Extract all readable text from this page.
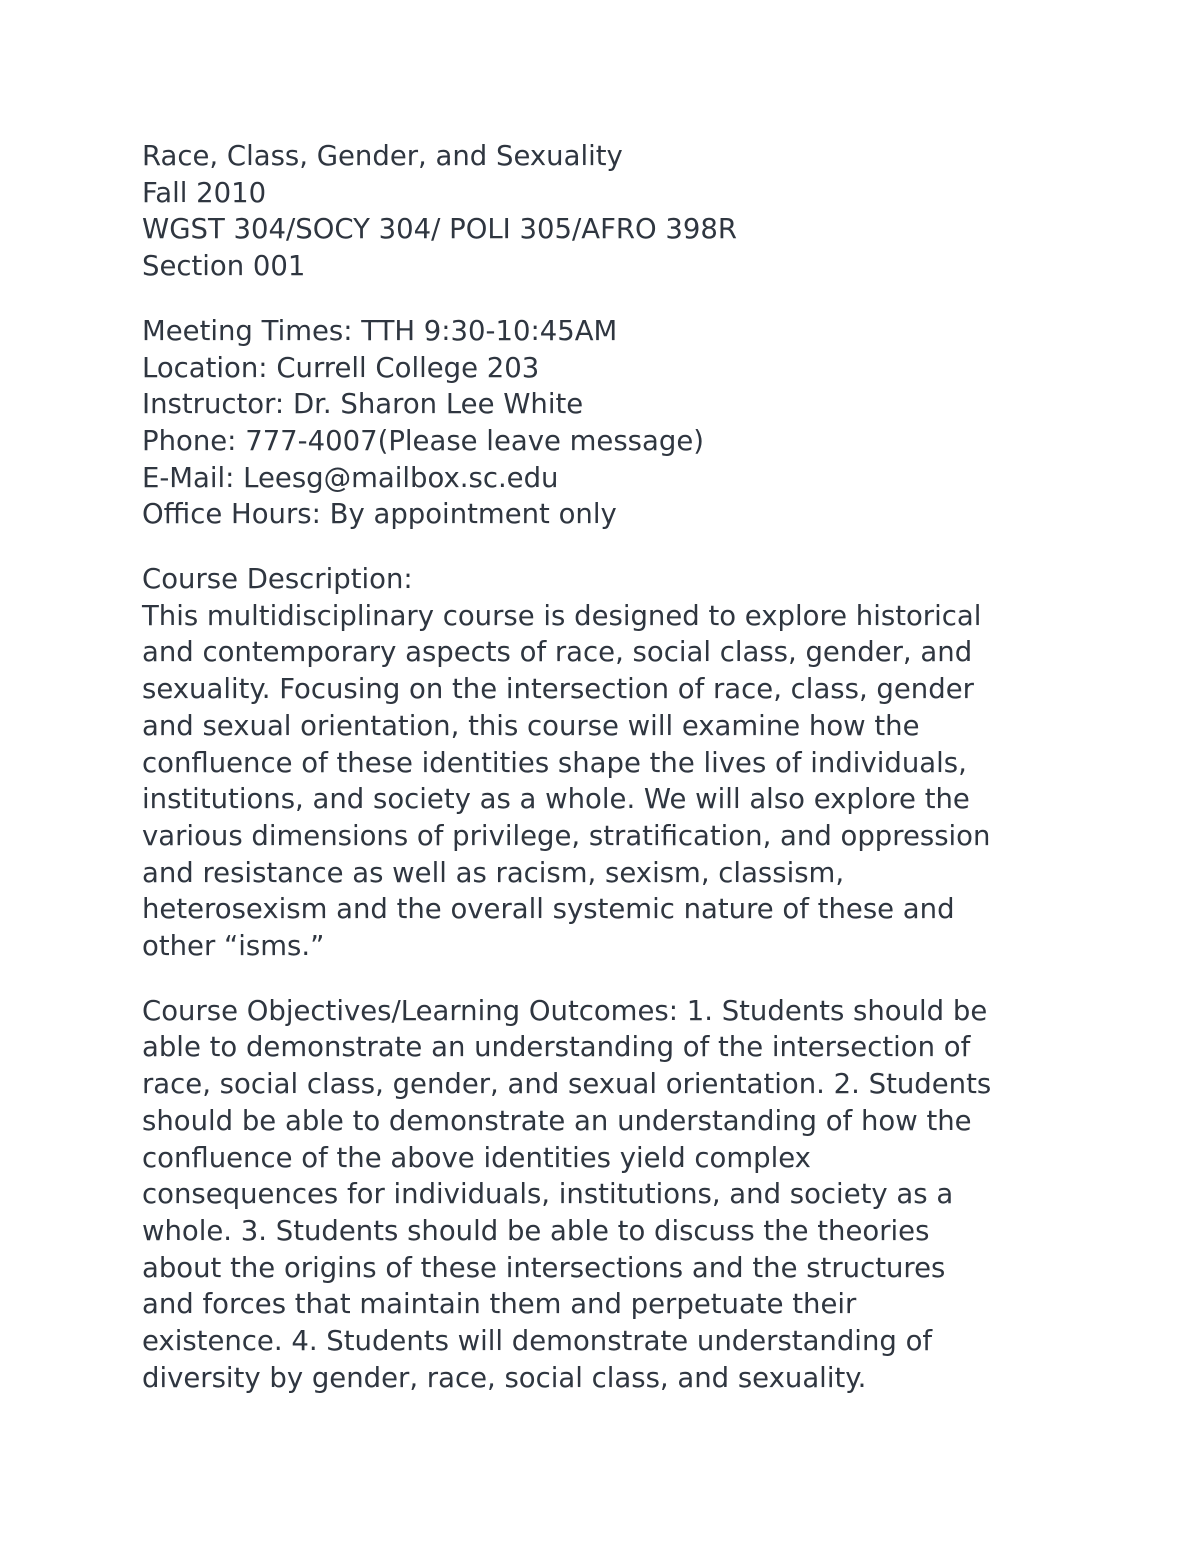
Race, Class, Gender, and Sexuality
Fall 2010
WGST 304/SOCY 304/ POLI 305/AFRO 398R
Section 001
Meeting Times: TTH 9:30-10:45AM
Location: Currell College 203
Instructor: Dr. Sharon Lee White
Phone: 777-4007(Please leave message)
E-Mail: Leesg@mailbox.sc.edu
Office Hours: By appointment only
Course Description:
This multidisciplinary course is designed to explore historical
and contemporary aspects of race, social class, gender, and
sexuality. Focusing on the intersection of race, class, gender
and sexual orientation, this course will examine how the
confluence of these identities shape the lives of individuals,
institutions, and society as a whole. We will also explore the
various dimensions of privilege, stratification, and oppression
and resistance as well as racism, sexism, classism,
heterosexism and the overall systemic nature of these and
other “isms.”
Course Objectives/Learning Outcomes: 1. Students should be
able to demonstrate an understanding of the intersection of
race, social class, gender, and sexual orientation. 2. Students
should be able to demonstrate an understanding of how the
confluence of the above identities yield complex
consequences for individuals, institutions, and society as a
whole. 3. Students should be able to discuss the theories
about the origins of these intersections and the structures
and forces that maintain them and perpetuate their
existence. 4. Students will demonstrate understanding of
diversity by gender, race, social class, and sexuality.
